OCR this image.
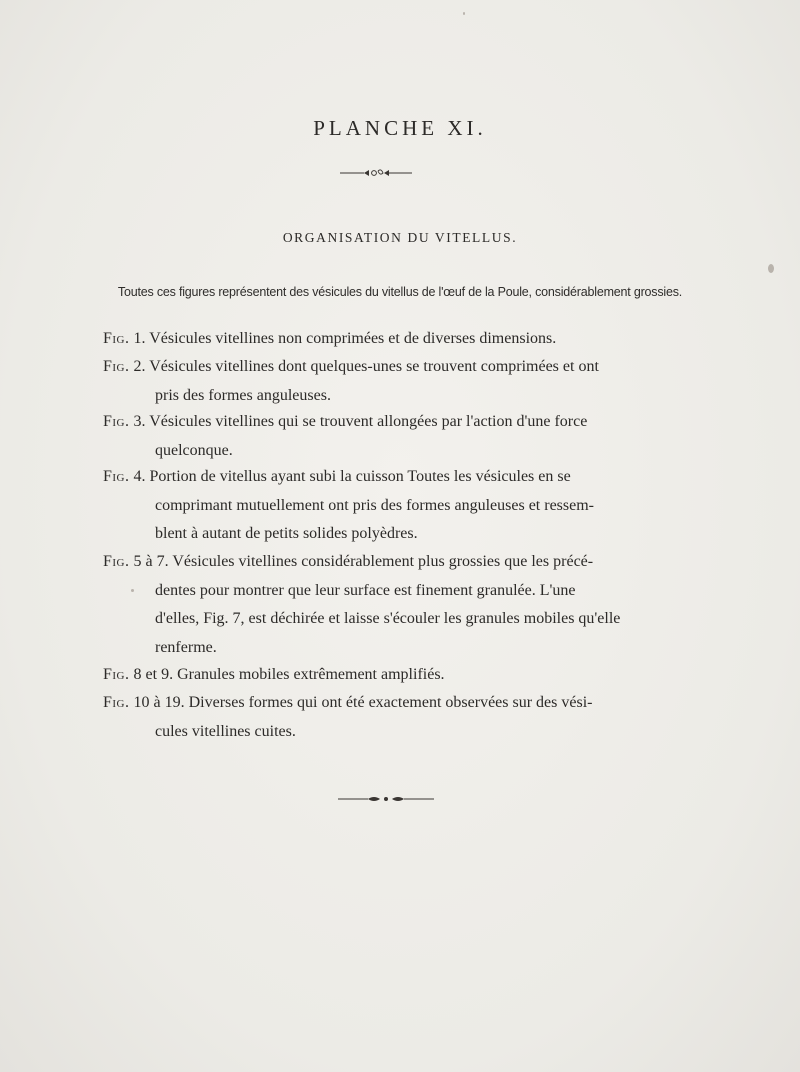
PLANCHE XI.
ORGANISATION DU VITELLUS.
Toutes ces figures représentent des vésicules du vitellus de l'œuf de la Poule, considérablement grossies.
Fig. 1. Vésicules vitellines non comprimées et de diverses dimensions.
Fig. 2. Vésicules vitellines dont quelques-unes se trouvent comprimées et ont
pris des formes anguleuses.
Fig. 3. Vésicules vitellines qui se trouvent allongées par l'action d'une force
quelconque.
Fig. 4. Portion de vitellus ayant subi la cuisson Toutes les vésicules en se
comprimant mutuellement ont pris des formes anguleuses et ressem-
blent à autant de petits solides polyèdres.
Fig. 5 à 7. Vésicules vitellines considérablement plus grossies que les précé-
dentes pour montrer que leur surface est finement granulée. L'une
d'elles, Fig. 7, est déchirée et laisse s'écouler les granules mobiles qu'elle
renferme.
Fig. 8 et 9. Granules mobiles extrêmement amplifiés.
Fig. 10 à 19. Diverses formes qui ont été exactement observées sur des vési-
cules vitellines cuites.
